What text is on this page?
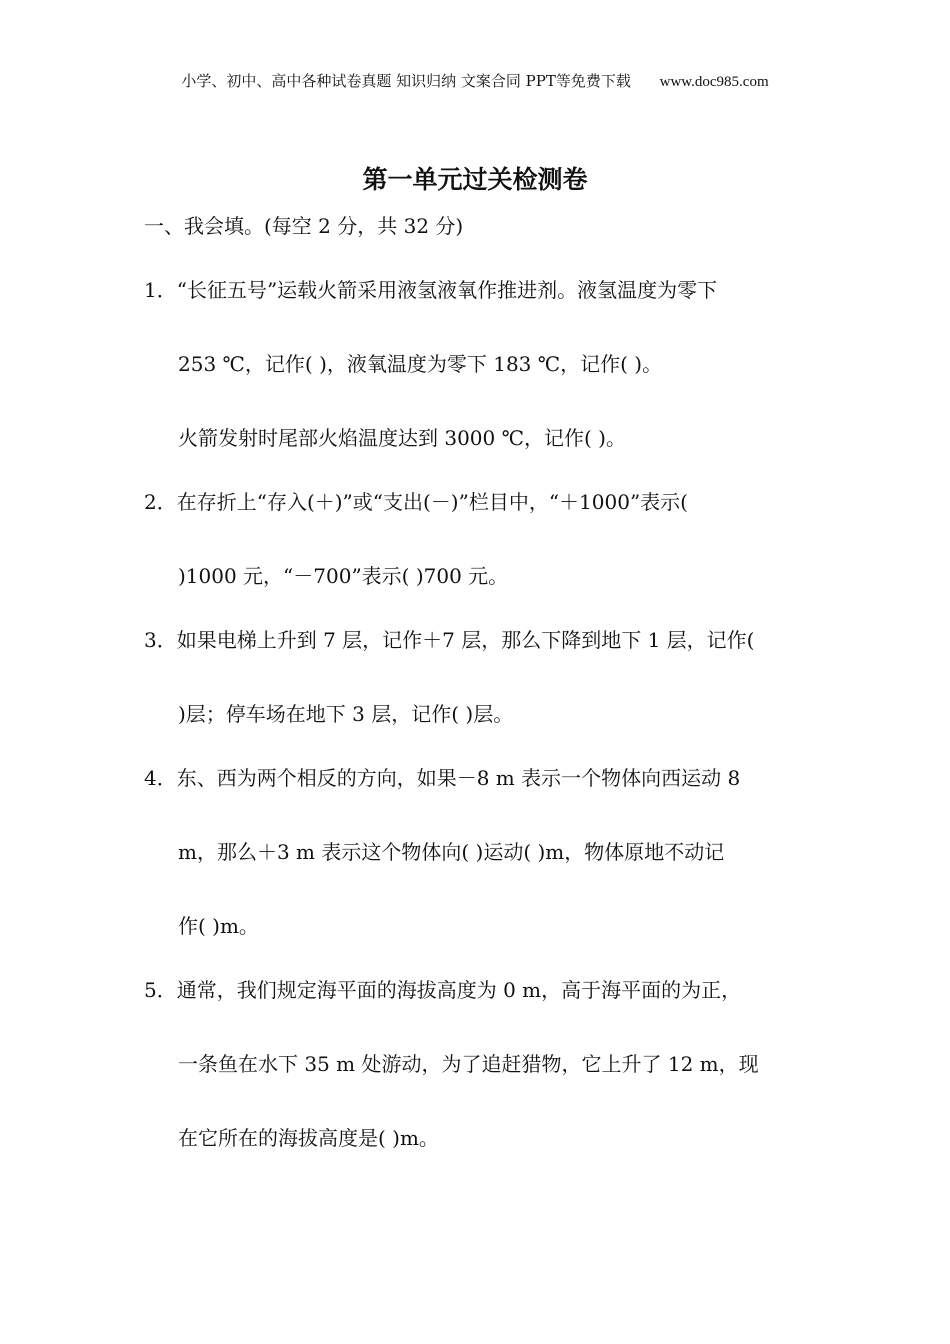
小学、初中、高中各种试卷真题 知识归纳 文案合同 PPT等免费下载 www.doc985.com
第一单元过关检测卷
一、我会填。(每空 2 分，共 32 分)
1．“长征五号”运载火箭采用液氢液氧作推进剂。液氢温度为零下
253 ℃，记作( )，液氧温度为零下 183 ℃，记作( )。
火箭发射时尾部火焰温度达到 3000 ℃，记作( )。
2．在存折上“存入(＋)”或“支出(－)”栏目中，“＋1000”表示(
)1000 元，“－700”表示( )700 元。
3．如果电梯上升到 7 层，记作＋7 层，那么下降到地下 1 层，记作(
)层；停车场在地下 3 层，记作( )层。
4．东、西为两个相反的方向，如果－8 m 表示一个物体向西运动 8
m，那么＋3 m 表示这个物体向( )运动( )m，物体原地不动记
作( )m。
5．通常，我们规定海平面的海拔高度为 0 m，高于海平面的为正，
一条鱼在水下 35 m 处游动，为了追赶猎物，它上升了 12 m，现
在它所在的海拔高度是( )m。
